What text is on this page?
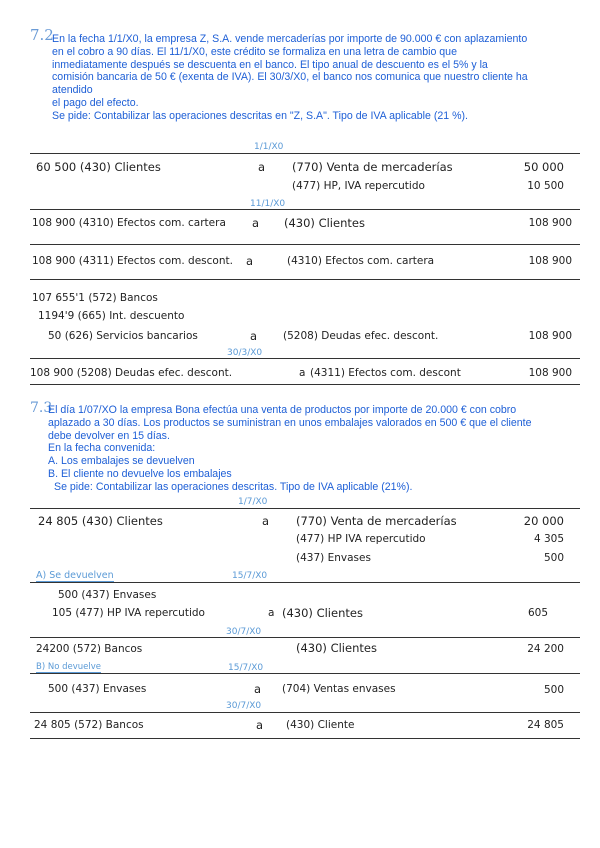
7.2
En la fecha 1/1/X0, la empresa Z, S.A. vende mercaderías por importe de 90.000 € con aplazamiento
en el cobro a 90 días. El 11/1/X0, este crédito se formaliza en una letra de cambio que
inmediatamente después se descuenta en el banco. El tipo anual de descuento es el 5% y la
comisión bancaria de 50 € (exenta de IVA). El 30/3/X0, el banco nos comunica que nuestro cliente ha
atendido
el pago del efecto.
Se pide: Contabilizar las operaciones descritas en "Z, S.A". Tipo de IVA aplicable (21 %).
1/1/X0
60 500 (430) Clientes	a (770) Venta de mercaderías	50 000
(477) HP, IVA repercutido	10 500
11/1/X0
108 900 (4310) Efectos com. cartera a (430) Clientes	108 900
108 900 (4311) Efectos com. descont. a	(4310) Efectos com. cartera	108 900
107 655'1 (572) Bancos
1194'9 (665) Int. descuento
50 (626) Servicios bancarios	a (5208) Deudas efec. descont.	108 900
30/3/X0
108 900 (5208) Deudas efec. descont.	a (4311) Efectos com. descont	108 900
7.3
El día 1/07/XO la empresa Bona efectúa una venta de productos por importe de 20.000 € con cobro
aplazado a 30 días. Los productos se suministran en unos embalajes valorados en 500 € que el cliente
debe devolver en 15 días.
En la fecha convenida:
A. Los embalajes se devuelven
B. El cliente no devuelve los embalajes
Se pide: Contabilizar las operaciones descritas. Tipo de IVA aplicable (21%).
1/7/X0
24 805 (430) Clientes	a (770) Venta de mercaderías	20 000
(477) HP IVA repercutido	4 305
(437) Envases	500
A) Se devuelven	15/7/X0
500 (437) Envases
105 (477) HP IVA repercutido	a (430) Clientes	605
30/7/X0
24200 (572) Bancos	(430) Clientes	24 200
B) No devuelve	15/7/X0
500 (437) Envases	a (704) Ventas envases	500
30/7/X0
24 805 (572) Bancos	a (430) Cliente	24 805
